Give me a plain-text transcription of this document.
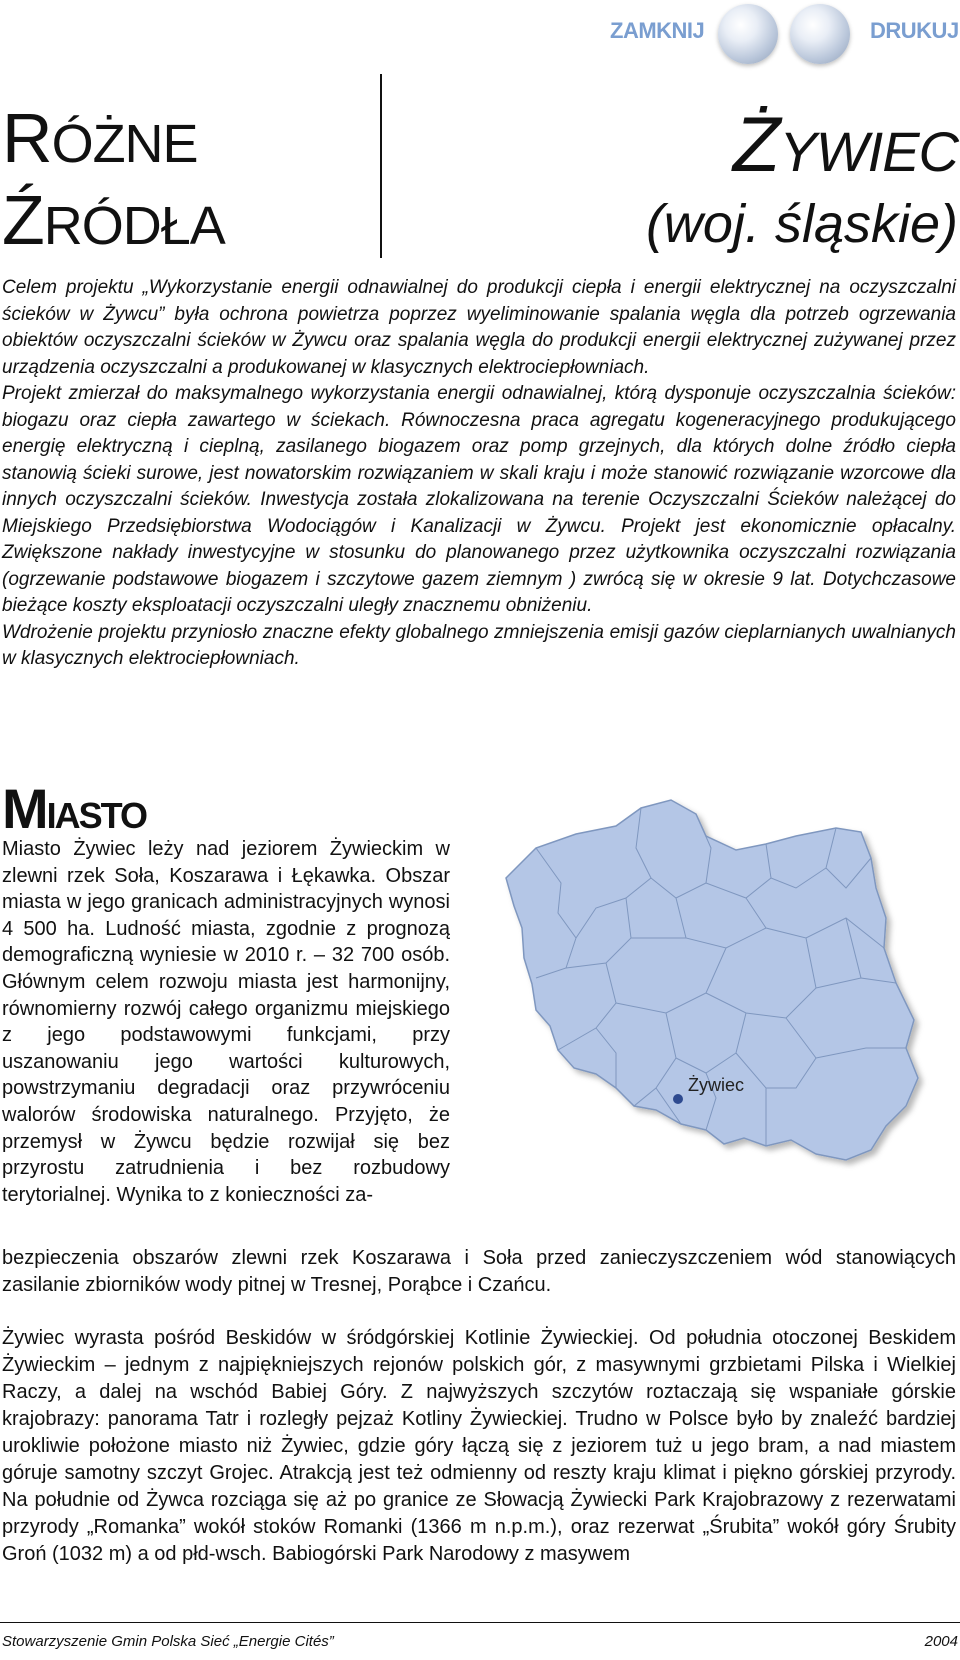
ZAMKNIJ	DRUKUJ
RÓŻNE
ŹRÓDŁA
ŻYWIEC
(woj. śląskie)

Celem projektu „Wykorzystanie energii odnawialnej do produkcji ciepła i energii elektrycznej na oczyszczalni ścieków w Żywcu” była ochrona powietrza poprzez wyeliminowanie spalania węgla dla potrzeb ogrzewania obiektów oczyszczalni ścieków w Żywcu oraz spalania węgla do produkcji energii elektrycznej zużywanej przez urządzenia oczyszczalni a produkowanej w klasycznych elektrociepłowniach.

Projekt zmierzał do maksymalnego wykorzystania energii odnawialnej, którą dysponuje oczyszczalnia ścieków: biogazu oraz ciepła zawartego w ściekach. Równoczesna praca agregatu kogeneracyjnego produkującego energię elektryczną i cieplną, zasilanego biogazem oraz pomp grzejnych, dla których dolne źródło ciepła stanowią ścieki surowe, jest nowatorskim rozwiązaniem w skali kraju i może stanowić rozwiązanie wzorcowe dla innych oczyszczalni ścieków. Inwestycja została zlokalizowana na terenie Oczyszczalni Ścieków należącej do Miejskiego Przedsiębiorstwa Wodociągów i Kanalizacji w Żywcu. Projekt jest ekonomicznie opłacalny. Zwiększone nakłady inwestycyjne w stosunku do planowanego przez użytkownika oczyszczalni rozwiązania (ogrzewanie podstawowe biogazem i szczytowe gazem ziemnym ) zwrócą się w okresie 9 lat. Dotychczasowe bieżące koszty eksploatacji oczyszczalni uległy znacznemu obniżeniu.

Wdrożenie projektu przyniosło znaczne efekty globalnego zmniejszenia emisji gazów cieplarnianych uwalnianych w klasycznych elektrociepłowniach.

MIASTO
Miasto Żywiec leży nad jeziorem Żywieckim w zlewni rzek Soła, Koszarawa i Łękawka. Obszar miasta w jego granicach administracyjnych wynosi 4 500 ha. Ludność miasta, zgodnie z prognozą demograficzną wyniesie w 2010 r. – 32 700 osób. Głównym celem rozwoju miasta jest harmonijny, równomierny rozwój całego organizmu miejskiego z jego podstawowymi funkcjami, przy uszanowaniu jego wartości kulturowych, powstrzymaniu degradacji oraz przywróceniu walorów środowiska naturalnego. Przyjęto, że przemysł w Żywcu będzie rozwijał się bez przyrostu zatrudnienia i bez rozbudowy terytorialnej. Wynika to z konieczności za-
Żywiec

bezpieczenia obszarów zlewni rzek Koszarawa i Soła przed zanieczyszczeniem wód stanowiących zasilanie zbiorników wody pitnej w Tresnej, Porąbce i Czańcu.

Żywiec wyrasta pośród Beskidów w śródgórskiej Kotlinie Żywieckiej. Od południa otoczonej Beskidem Żywieckim – jednym z najpiękniejszych rejonów polskich gór, z masywnymi grzbietami Pilska i Wielkiej Raczy, a dalej na wschód Babiej Góry. Z najwyższych szczytów roztaczają się wspaniałe górskie krajobrazy: panorama Tatr i rozległy pejzaż Kotliny Żywieckiej. Trudno w Polsce było by znaleźć bardziej urokliwie położone miasto niż Żywiec, gdzie góry łączą się z jeziorem tuż u jego bram, a nad miastem góruje samotny szczyt Grojec. Atrakcją jest też odmienny od reszty kraju klimat i piękno górskiej przyrody. Na południe od Żywca rozciąga się aż po granice ze Słowacją Żywiecki Park Krajobrazowy z rezerwatami przyrody „Romanka” wokół stoków Romanki (1366 m n.p.m.), oraz rezerwat „Śrubita” wokół góry Śrubity Groń (1032 m) a od płd-wsch. Babiogórski Park Narodowy z masywem

Stowarzyszenie Gmin Polska Sieć „Energie Cités”	2004
